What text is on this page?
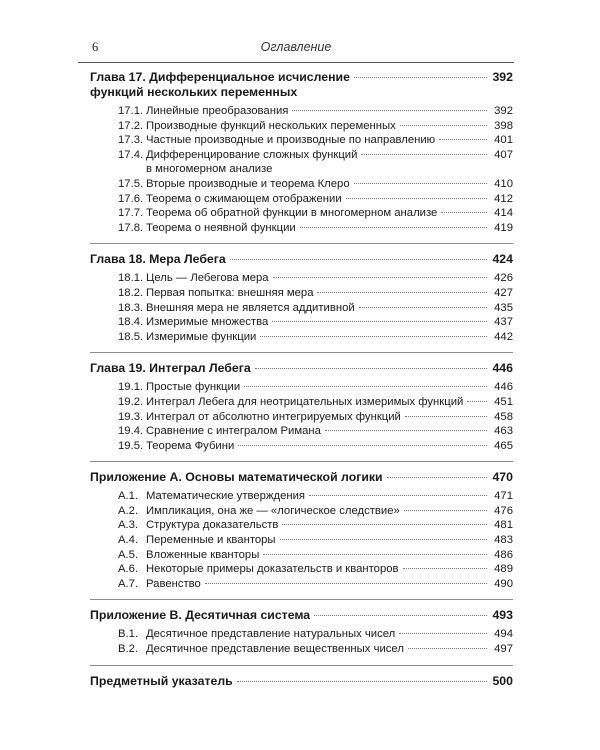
6	Оглавление
Глава 17. Дифференциальное исчисление
функций нескольких переменных
392
17.1. Линейные преобразования	392
17.2. Производные функций нескольких переменных	398
17.3. Частные производные и производные по направлению	401
17.4. Дифференцирование сложных функций
в многомерном анализе
407
17.5. Вторые производные и теорема Клеро	410
17.6. Теорема о сжимающем отображении	412
17.7. Теорема об обратной функции в многомерном анализе	414
17.8. Теорема о неявной функции	419
Глава 18. Мера Лебега	424
18.1. Цель — Лебегова мера	426
18.2. Первая попытка: внешняя мера	427
18.3. Внешняя мера не является аддитивной	435
18.4. Измеримые множества	437
18.5. Измеримые функции	442
Глава 19. Интеграл Лебега	446
19.1. Простые функции	446
19.2. Интеграл Лебега для неотрицательных измеримых функций	451
19.3. Интеграл от абсолютно интегрируемых функций	458
19.4. Сравнение с интегралом Римана	463
19.5. Теорема Фубини	465
Приложение A. Основы математической логики	470
A.1. Математические утверждения	471
A.2. Импликация, она же — «логическое следствие»	476
A.3. Структура доказательств	481
A.4. Переменные и кванторы	483
A.5. Вложенные кванторы	486
A.6. Некоторые примеры доказательств и кванторов	489
A.7. Равенство	490
Приложение B. Десятичная система	493
B.1. Десятичное представление натуральных чисел	494
B.2. Десятичное представление вещественных чисел	497
Предметный указатель	500
